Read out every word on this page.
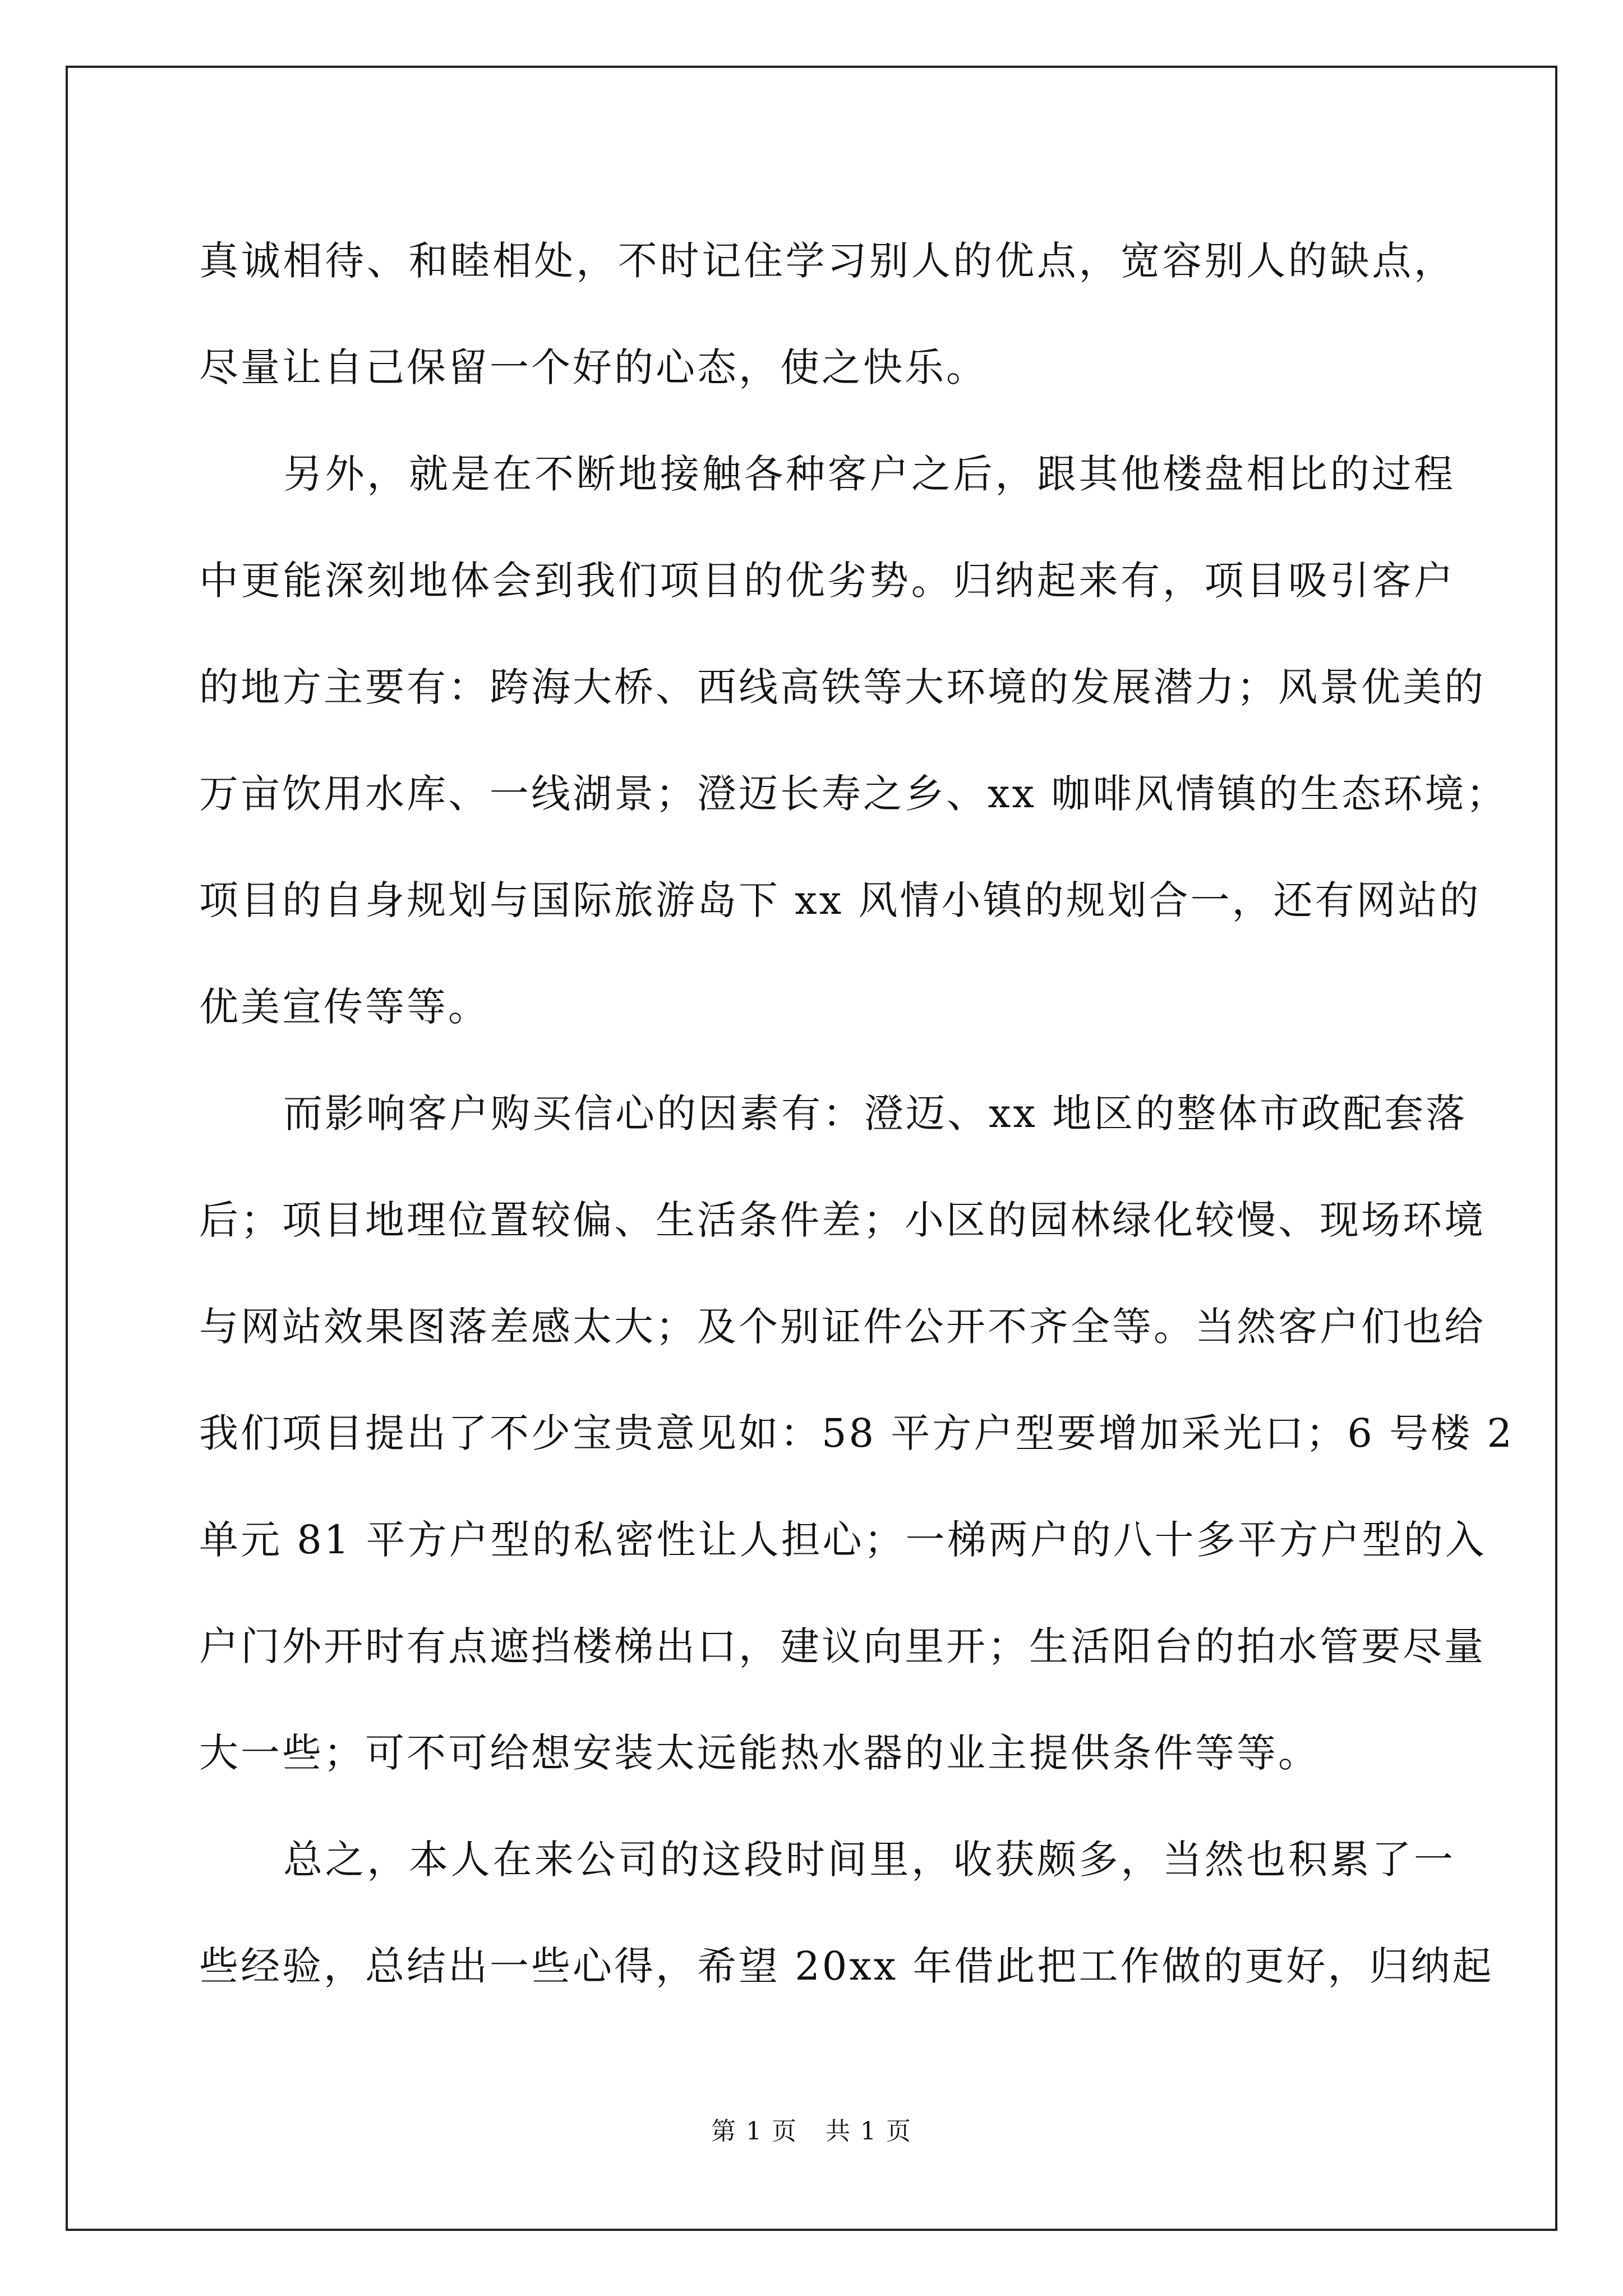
真诚相待、和睦相处，不时记住学习别人的优点，宽容别人的缺点，
尽量让自己保留一个好的心态，使之快乐。
另外，就是在不断地接触各种客户之后，跟其他楼盘相比的过程
中更能深刻地体会到我们项目的优劣势。归纳起来有，项目吸引客户
的地方主要有：跨海大桥、西线高铁等大环境的发展潜力；风景优美的
万亩饮用水库、一线湖景；澄迈长寿之乡、xx 咖啡风情镇的生态环境；
项目的自身规划与国际旅游岛下 xx 风情小镇的规划合一，还有网站的
优美宣传等等。
而影响客户购买信心的因素有：澄迈、xx 地区的整体市政配套落
后；项目地理位置较偏、生活条件差；小区的园林绿化较慢、现场环境
与网站效果图落差感太大；及个别证件公开不齐全等。当然客户们也给
我们项目提出了不少宝贵意见如：58 平方户型要增加采光口；6 号楼 2
单元 81 平方户型的私密性让人担心；一梯两户的八十多平方户型的入
户门外开时有点遮挡楼梯出口，建议向里开；生活阳台的拍水管要尽量
大一些；可不可给想安装太远能热水器的业主提供条件等等。
总之，本人在来公司的这段时间里，收获颇多，当然也积累了一
些经验，总结出一些心得，希望 20xx 年借此把工作做的更好，归纳起
第 1 页 共 1 页
